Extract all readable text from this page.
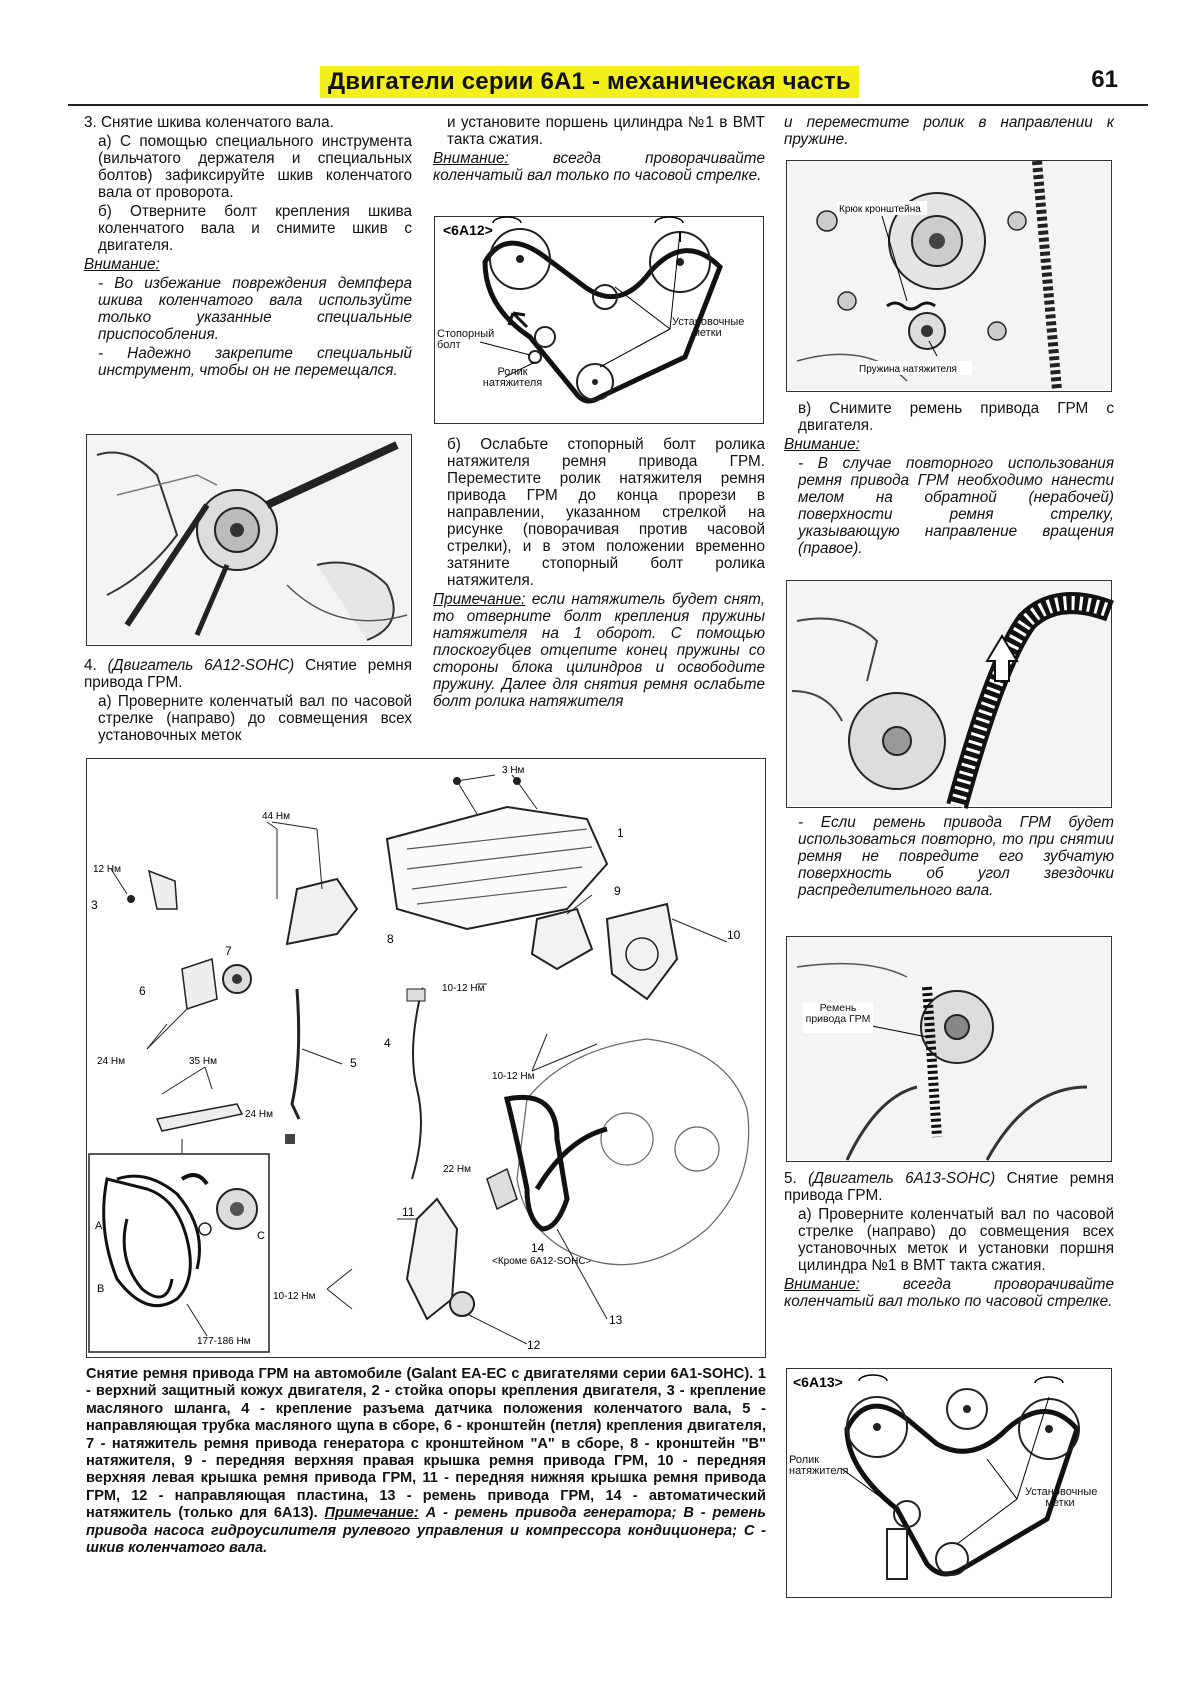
Двигатели серии 6А1 - механическая часть	61

3. Снятие шкива коленчатого вала.

а) С помощью специального инструмента (вильчатого держателя и специальных болтов) зафиксируйте шкив коленчатого вала от проворота.

б) Отверните болт крепления шкива коленчатого вала и снимите шкив с двигателя.

Внимание:

- Во избежание повреждения демпфера шкива коленчатого вала используйте только указанные специальные приспособления.

- Надежно закрепите специальный инструмент, чтобы он не перемещался.

4. (Двигатель 6А12-SOHC) Снятие ремня привода ГРМ.

а) Проверните коленчатый вал по часовой стрелке (направо) до совмещения всех установочных меток

и установите поршень цилиндра №1 в ВМТ такта сжатия.

Внимание:	всегда проворачивайте коленчатый вал только по часовой стрелке.

<6А12>
Стопорный болт
Ролик натяжителя
Установочные метки

б) Ослабьте стопорный болт ролика натяжителя ремня привода ГРМ. Переместите ролик натяжителя ремня привода ГРМ до конца прорези в направлении, указанном стрелкой на рисунке (поворачивая против часовой стрелки), и в этом положении временно затяните стопорный болт ролика натяжителя.

Примечание: если натяжитель будет снят, то отверните болт крепления пружины натяжителя на 1 оборот. С помощью плоскогубцев отцепите конец пружины со стороны блока цилиндров и освободите пружину. Далее для снятия ремня ослабьте болт ролика натяжителя

и переместите ролик в направлении к пружине.

Крюк кронштейна
Пружина натяжителя

в) Снимите ремень привода ГРМ с двигателя.

Внимание:

- В случае повторного использования ремня привода ГРМ необходимо нанести мелом на обратной (нерабочей) поверхности ремня стрелку, указывающую направление вращения (правое).

- Если ремень привода ГРМ будет использоваться повторно, то при снятии ремня не повредите его зубчатую поверхность об угол звездочки распределительного вала.

Ремень привода ГРМ

5. (Двигатель 6А13-SOHC) Снятие ремня привода ГРМ.

а) Проверните коленчатый вал по часовой стрелке (направо) до совмещения всех установочных меток и установки поршня цилиндра №1 в ВМТ такта сжатия.

Внимание:	всегда проворачивайте коленчатый вал только по часовой стрелке.

<6А13>
Ролик натяжителя
Установочные метки
3 Нм
44 Нм
12 Нм
10-12 Нм
24 Нм	35 Нм
24 Нм
10-12 Нм
22 Нм
10-12 Нм
1
3
4
5
6
7
8
9
10
11
12
13
14
<Кроме 6А12-SOHC>
A
B
C
177-186 Нм
Снятие ремня привода ГРМ на автомобиле (Galant EA-EC с двигателями серии 6А1-SOHC). 1 - верхний защитный кожух двигателя, 2 - стойка опоры крепления двигателя, 3 - крепление масляного шланга, 4 - крепление разъема датчика положения коленчатого вала, 5 - направляющая трубка масляного щупа в сборе, 6 - кронштейн (петля) крепления двигателя, 7 - натяжитель ремня привода генератора с кронштейном "А" в сборе, 8 - кронштейн "В" натяжителя, 9 - передняя верхняя правая крышка ремня привода ГРМ, 10 - передняя верхняя левая крышка ремня привода ГРМ, 11 - передняя нижняя крышка ремня привода ГРМ, 12 - направляющая пластина, 13 - ремень привода ГРМ, 14 - автоматический натяжитель (только для 6А13). Примечание: А - ремень привода генератора; В - ремень привода насоса гидроусилителя рулевого управления и компрессора кондиционера; С - шкив коленчатого вала.
